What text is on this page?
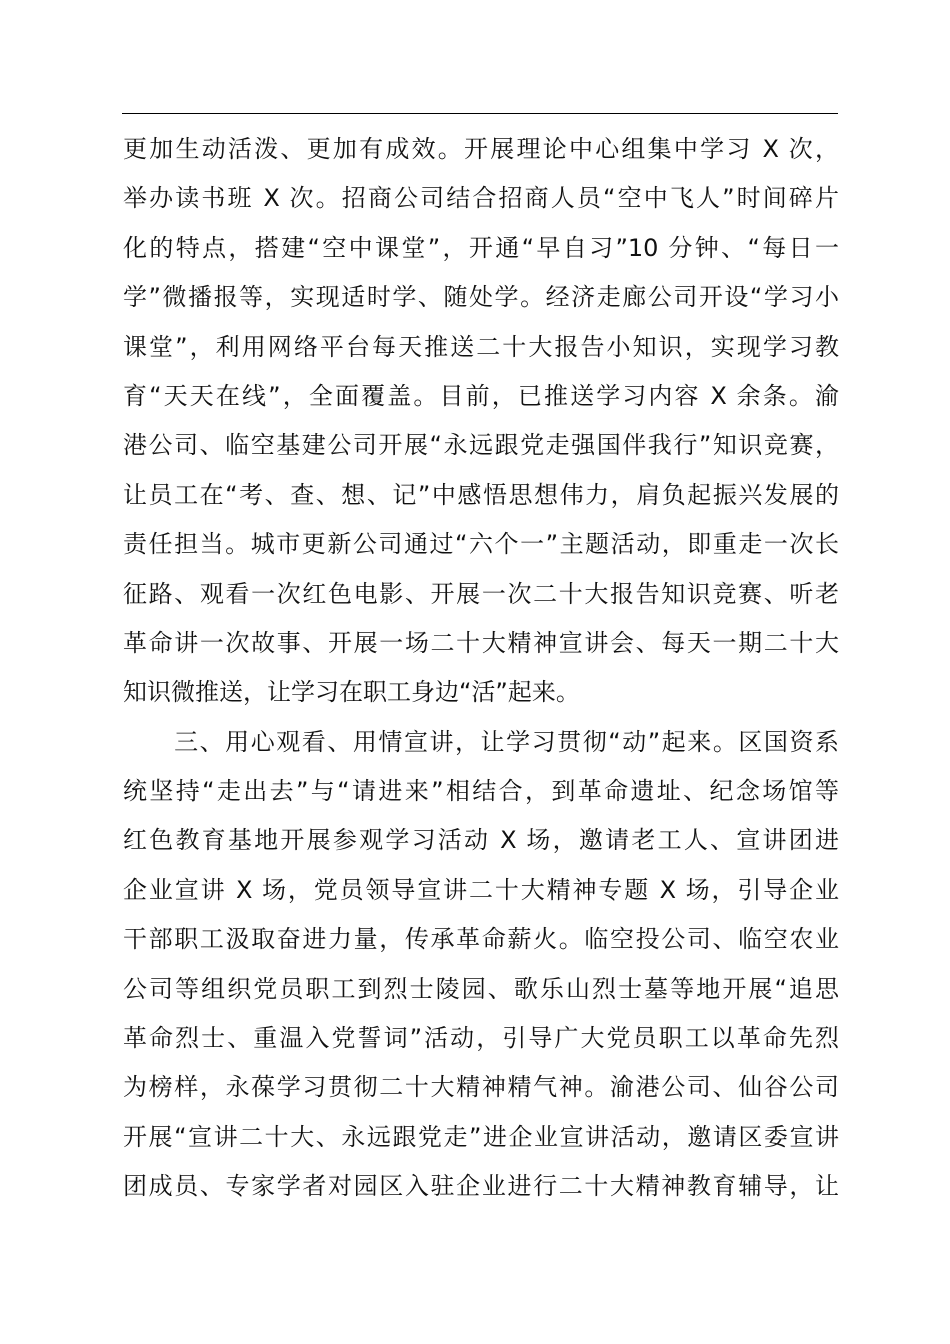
更加生动活泼、更加有成效。开展理论中心组集中学习 X 次，
举办读书班 X 次。招商公司结合招商人员“空中飞人”时间碎片
化的特点，搭建“空中课堂”，开通“早自习”10 分钟、“每日一
学”微播报等，实现适时学、随处学。经济走廊公司开设“学习小
课堂”，利用网络平台每天推送二十大报告小知识，实现学习教
育“天天在线”，全面覆盖。目前，已推送学习内容 X 余条。渝
港公司、临空基建公司开展“永远跟党走强国伴我行”知识竞赛，
让员工在“考、查、想、记”中感悟思想伟力，肩负起振兴发展的
责任担当。城市更新公司通过“六个一”主题活动，即重走一次长
征路、观看一次红色电影、开展一次二十大报告知识竞赛、听老
革命讲一次故事、开展一场二十大精神宣讲会、每天一期二十大
知识微推送，让学习在职工身边“活”起来。
　　三、用心观看、用情宣讲，让学习贯彻“动”起来。区国资系
统坚持“走出去”与“请进来”相结合，到革命遗址、纪念场馆等
红色教育基地开展参观学习活动 X 场，邀请老工人、宣讲团进
企业宣讲 X 场，党员领导宣讲二十大精神专题 X 场，引导企业
干部职工汲取奋进力量，传承革命薪火。临空投公司、临空农业
公司等组织党员职工到烈士陵园、歌乐山烈士墓等地开展“追思
革命烈士、重温入党誓词”活动，引导广大党员职工以革命先烈
为榜样，永葆学习贯彻二十大精神精气神。渝港公司、仙谷公司
开展“宣讲二十大、永远跟党走”进企业宣讲活动，邀请区委宣讲
团成员、专家学者对园区入驻企业进行二十大精神教育辅导，让
